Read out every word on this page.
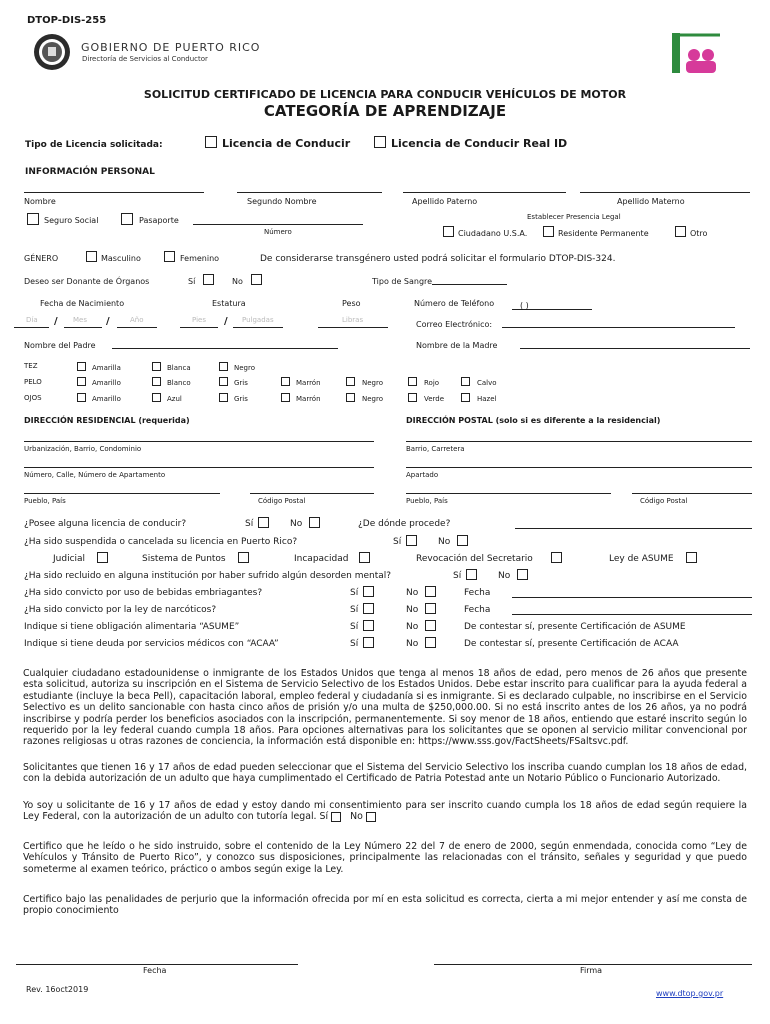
DTOP-DIS-255
GOBIERNO DE PUERTO RICO
Directoría de Servicios al Conductor
SOLICITUD CERTIFICADO DE LICENCIA PARA CONDUCIR VEHÍCULOS DE MOTOR
CATEGORÍA DE APRENDIZAJE
Tipo de Licencia solicitada:	Licencia de Conducir	Licencia de Conducir Real ID
INFORMACIÓN PERSONAL
Nombre	Segundo Nombre	Apellido Paterno	Apellido Materno
Seguro Social	Pasaporte
Número
Establecer Presencia Legal
Ciudadano U.S.A.	Residente Permanente	Otro
GÉNERO	Masculino	Femenino	De considerarse transgénero usted podrá solicitar el formulario DTOP-DIS-324.
Deseo ser Donante de Órganos	Sí	No	Tipo de Sangre
Fecha de Nacimiento	Estatura	Peso	Número de Teléfono	( )
Día / Mes /	Año	Pies / Pulgadas	Libras	Correo Electrónico:
Nombre del Padre	Nombre de la Madre
TEZ	Amarilla	Blanca	Negro
PELO	Amarillo	Blanco	Gris	Marrón	Negro	Rojo	Calvo
OJOS	Amarillo	Azul	Gris	Marrón	Negro	Verde	Hazel
DIRECCIÓN RESIDENCIAL (requerida)	DIRECCIÓN POSTAL (solo si es diferente a la residencial)
Urbanización, Barrio, Condominio	Barrio, Carretera
Número, Calle, Número de Apartamento	Apartado
Pueblo, País	Código Postal	Pueblo, País	Código Postal
¿Posee alguna licencia de conducir?	Sí	No	¿De dónde procede?
¿Ha sido suspendida o cancelada su licencia en Puerto Rico?	Sí	No
Judicial	Sistema de Puntos	Incapacidad	Revocación del Secretario	Ley de ASUME
¿Ha sido recluido en alguna institución por haber sufrido algún desorden mental?	Sí	No
¿Ha sido convicto por uso de bebidas embriagantes?	Sí	No	Fecha
¿Ha sido convicto por la ley de narcóticos?	Sí	No	Fecha
Indique si tiene obligación alimentaria “ASUME”	Sí	No	De contestar sí, presente Certificación de ASUME
Indique si tiene deuda por servicios médicos con “ACAA”	Sí	No	De contestar sí, presente Certificación de ACAA
Cualquier ciudadano estadounidense o inmigrante de los Estados Unidos que tenga al menos 18 años de edad, pero menos de 26 años que presente esta solicitud, autoriza su inscripción en el Sistema de Servicio Selectivo de los Estados Unidos. Debe estar inscrito para cualificar para la ayuda federal a estudiante (incluye la beca Pell), capacitación laboral, empleo federal y ciudadanía si es inmigrante. Si es declarado culpable, no inscribirse en el Servicio Selectivo es un delito sancionable con hasta cinco años de prisión y/o una multa de $250,000.00. Si no está inscrito antes de los 26 años, ya no podrá inscribirse y podría perder los beneficios asociados con la inscripción, permanentemente. Si soy menor de 18 años, entiendo que estaré inscrito según lo requerido por la ley federal cuando cumpla 18 años. Para opciones alternativas para los solicitantes que se oponen al servicio militar convencional por razones religiosas u otras razones de conciencia, la información está disponible en: https://www.sss.gov/FactSheets/FSaltsvc.pdf.
Solicitantes que tienen 16 y 17 años de edad pueden seleccionar que el Sistema del Servicio Selectivo los inscriba cuando cumplan los 18 años de edad, con la debida autorización de un adulto que haya cumplimentado el Certificado de Patria Potestad ante un Notario Público o Funcionario Autorizado.
Yo soy u solicitante de 16 y 17 años de edad y estoy dando mi consentimiento para ser inscrito cuando cumpla los 18 años de edad según requiere la Ley Federal, con la autorización de un adulto con tutoría legal. Sí No
Certifico que he leído o he sido instruido, sobre el contenido de la Ley Número 22 del 7 de enero de 2000, según enmendada, conocida como “Ley de Vehículos y Tránsito de Puerto Rico”, y conozco sus disposiciones, principalmente las relacionadas con el tránsito, señales y seguridad y que puedo someterme al examen teórico, práctico o ambos según exige la Ley.
Certifico bajo las penalidades de perjurio que la información ofrecida por mí en esta solicitud es correcta, cierta a mi mejor entender y así me consta de propio conocimiento
Fecha	Firma
Rev. 16oct2019	www.dtop.gov.pr
